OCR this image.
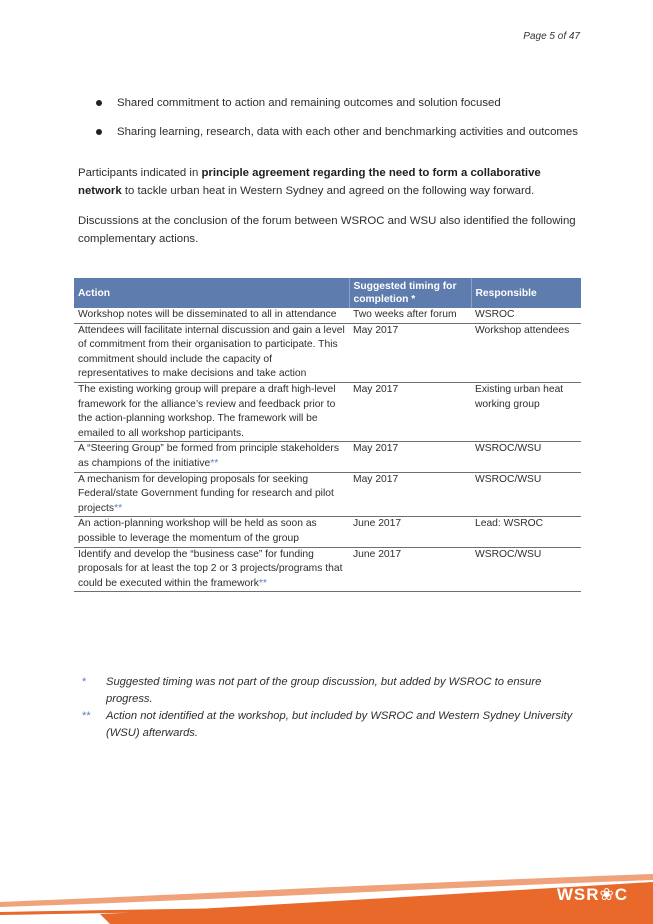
Page 5 of 47
Shared commitment to action and remaining outcomes and solution focused
Sharing learning, research, data with each other and benchmarking activities and outcomes

Participants indicated in principle agreement regarding the need to form a collaborative network to tackle urban heat in Western Sydney and agreed on the following way forward.

Discussions at the conclusion of the forum between WSROC and WSU also identified the following complementary actions.

Action	Suggested timing for completion *	Responsible
Workshop notes will be disseminated to all in attendance	Two weeks after forum	WSROC
Attendees will facilitate internal discussion and gain a level of commitment from their organisation to participate. This commitment should include the capacity of representatives to make decisions and take action	May 2017	Workshop attendees
The existing working group will prepare a draft high-level framework for the alliance’s review and feedback prior to the action-planning workshop. The framework will be emailed to all workshop participants.	May 2017	Existing urban heat working group
A “Steering Group” be formed from principle stakeholders as champions of the initiative**	May 2017	WSROC/WSU
A mechanism for developing proposals for seeking Federal/state Government funding for research and pilot projects**	May 2017	WSROC/WSU
An action-planning workshop will be held as soon as possible to leverage the momentum of the group	June 2017	Lead: WSROC
Identify and develop the “business case” for funding proposals for at least the top 2 or 3 projects/programs that could be executed within the framework**	June 2017	WSROC/WSU
* Suggested timing was not part of the group discussion, but added by WSROC to ensure progress.
** Action not identified at the workshop, but included by WSROC and Western Sydney University (WSU) afterwards.
WSR❀C
